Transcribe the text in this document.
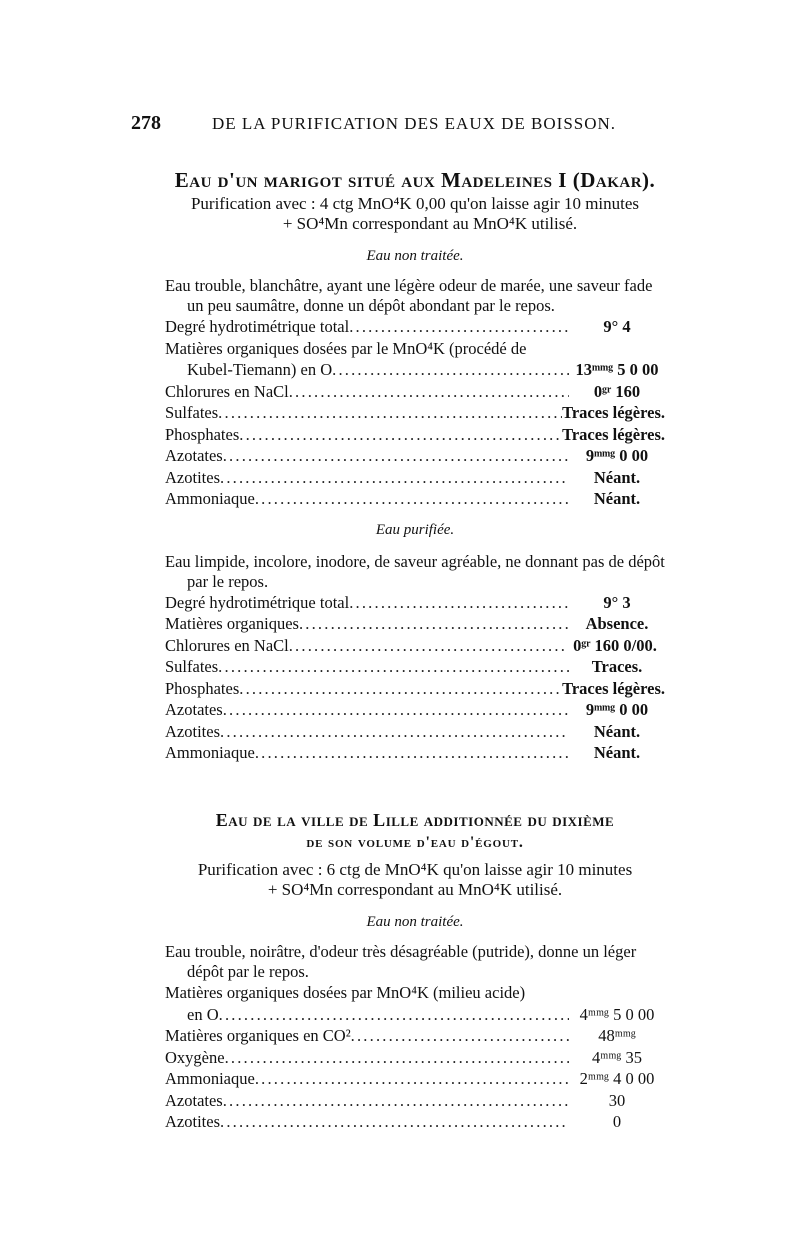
278	DE LA PURIFICATION DES EAUX DE BOISSON.
Eau d'un marigot situé aux Madeleines I (Dakar).
Purification avec : 4 ctg MnO⁴K 0,00 qu'on laisse agir 10 minutes
+ SO⁴Mn correspondant au MnO⁴K utilisé.
Eau non traitée.
Eau trouble, blanchâtre, ayant une légère odeur de marée, une saveur fade un peu saumâtre, donne un dépôt abondant par le repos.
Degré hydrotimétrique total .....	9° 4
Matières organiques dosées par le MnO⁴K (procédé de
Kubel-Tiemann) en O .....	13ᵐᵐᵍ 5 0 00
Chlorures en NaCl .....	0ᵍʳ 160
Sulfates .....	Traces légères.
Phosphates .....	Traces légères.
Azotates .....	9ᵐᵐᵍ 0 00
Azotites .....	Néant.
Ammoniaque .....	Néant.
Eau purifiée.
Eau limpide, incolore, inodore, de saveur agréable, ne donnant pas de dépôt par le repos.
Degré hydrotimétrique total .....	9° 3
Matières organiques .....	Absence.
Chlorures en NaCl .....	0ᵍʳ 160 0/00.
Sulfates .....	Traces.
Phosphates .....	Traces légères.
Azotates .....	9ᵐᵐᵍ 0 00
Azotites .....	Néant.
Ammoniaque .....	Néant.
Eau de la ville de Lille additionnée du dixième
de son volume d'eau d'égout.
Purification avec : 6 ctg de MnO⁴K qu'on laisse agir 10 minutes
+ SO⁴Mn correspondant au MnO⁴K utilisé.
Eau non traitée.
Eau trouble, noirâtre, d'odeur très désagréable (putride), donne un léger dépôt par le repos.
Matières organiques dosées par MnO⁴K (milieu acide)
en O .....	4ᵐᵐᵍ 5 0 00
Matières organiques en CO² .....	48ᵐᵐᵍ
Oxygène .....	4ᵐᵐᵍ 35
Ammoniaque .....	2ᵐᵐᵍ 4 0 00
Azotates .....	30
Azotites .....	0
